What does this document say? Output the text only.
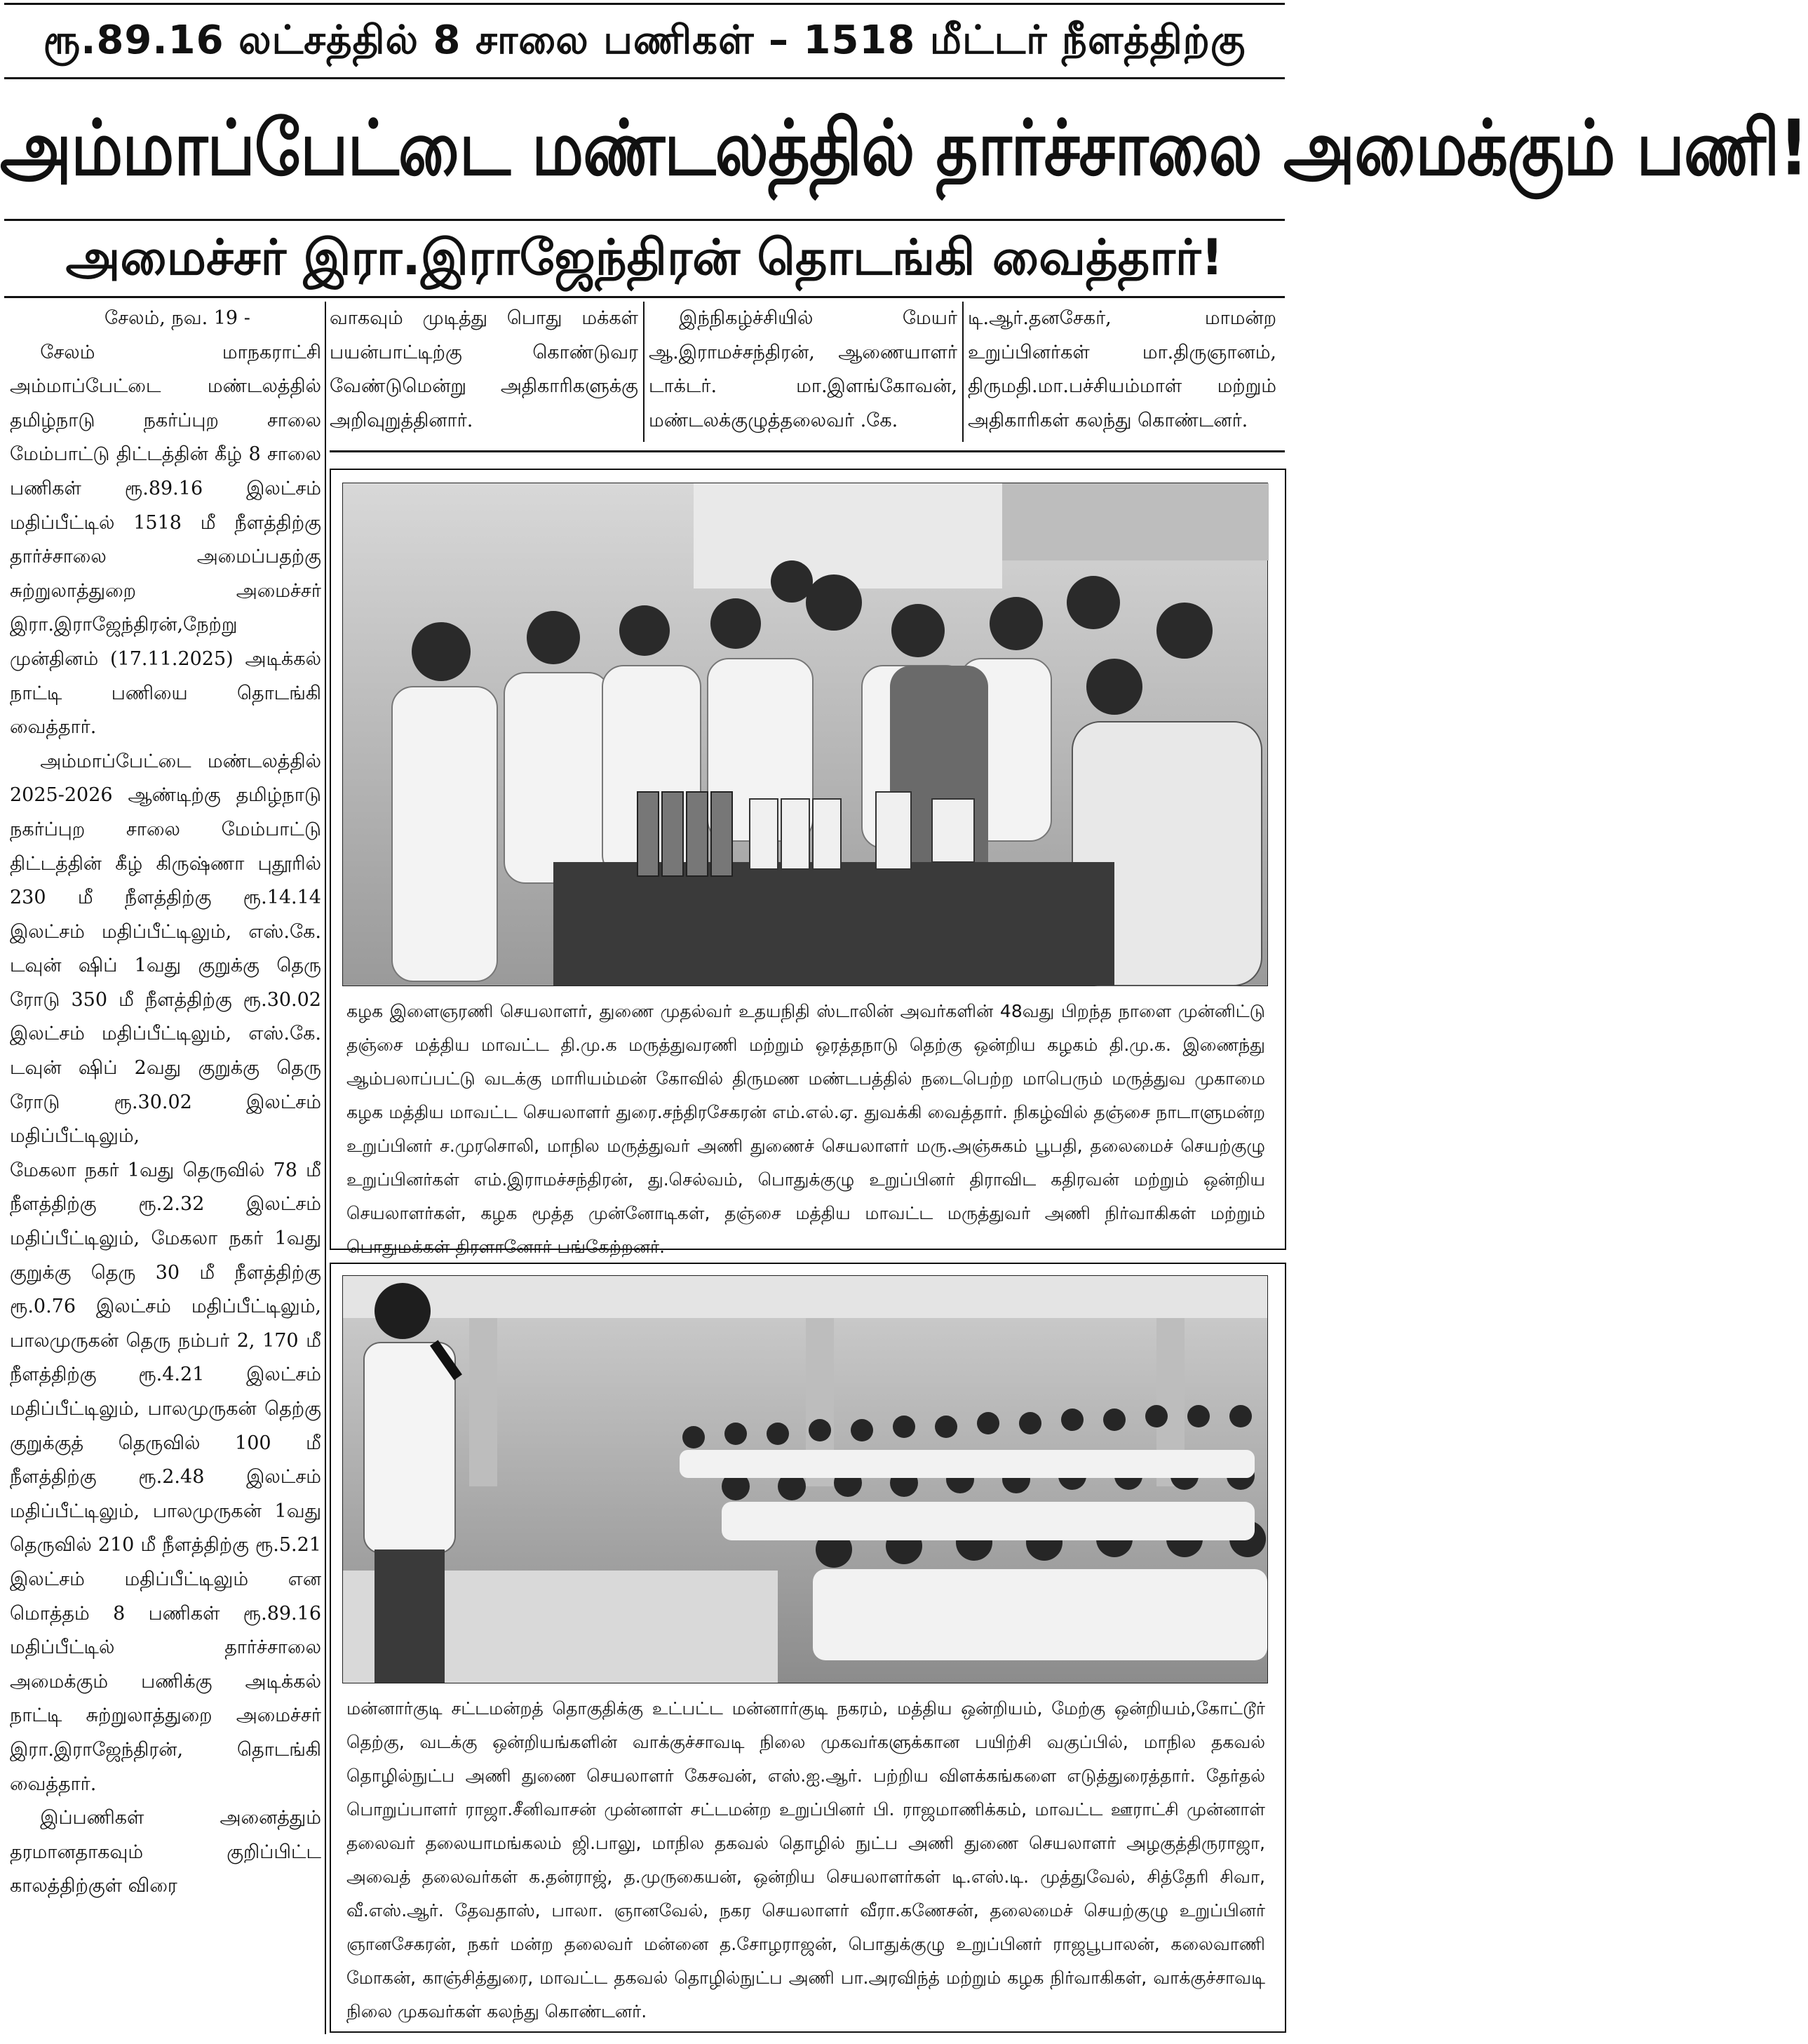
ரூ.89.16 லட்சத்தில் 8 சாலை பணிகள் – 1518 மீட்டர் நீளத்திற்கு
அம்மாப்பேட்டை மண்டலத்தில் தார்ச்சாலை அமைக்கும் பணி!
அமைச்சர் இரா.இராஜேந்திரன் தொடங்கி வைத்தார்!

சேலம், நவ. 19 -

சேலம் மாநகராட்சி அம்மாப்பேட்டை மண்டலத்தில் தமிழ்நாடு நகர்ப்புற சாலை மேம்பாட்டு திட்டத்தின் கீழ் 8 சாலை பணிகள் ரூ.89.16 இலட்சம் மதிப்பீட்டில் 1518 மீ நீளத்திற்கு தார்ச்சாலை அமைப்பதற்கு சுற்றுலாத்துறை அமைச்சர் இரா.இராஜேந்திரன்,நேற்று முன்தினம் (17.11.2025) அடிக்கல் நாட்டி பணியை தொடங்கி வைத்தார்.

அம்மாப்பேட்டை மண்டலத்தில் 2025-2026 ஆண்டிற்கு தமிழ்நாடு நகர்ப்புற சாலை மேம்பாட்டு திட்டத்தின் கீழ் கிருஷ்ணா புதூரில் 230 மீ நீளத்திற்கு ரூ.14.14 இலட்சம் மதிப்பீட்டிலும், எஸ்.கே. டவுன் ஷிப் 1வது குறுக்கு தெரு ரோடு 350 மீ நீளத்திற்கு ரூ.30.02 இலட்சம் மதிப்பீட்டிலும், எஸ்.கே. டவுன் ஷிப் 2வது குறுக்கு தெரு ரோடு ரூ.30.02 இலட்சம் மதிப்பீட்டிலும்,

மேகலா நகர் 1வது தெருவில் 78 மீ நீளத்திற்கு ரூ.2.32 இலட்சம் மதிப்பீட்டிலும், மேகலா நகர் 1வது குறுக்கு தெரு 30 மீ நீளத்திற்கு ரூ.0.76 இலட்சம் மதிப்பீட்டிலும், பாலமுருகன் தெரு நம்பர் 2, 170 மீ நீளத்திற்கு ரூ.4.21 இலட்சம் மதிப்பீட்டிலும், பாலமுருகன் தெற்கு குறுக்குத் தெருவில் 100 மீ நீளத்திற்கு ரூ.2.48 இலட்சம் மதிப்பீட்டிலும், பாலமுருகன் 1வது தெருவில் 210 மீ நீளத்திற்கு ரூ.5.21 இலட்சம் மதிப்பீட்டிலும் என மொத்தம் 8 பணிகள் ரூ.89.16 மதிப்பீட்டில் தார்ச்சாலை அமைக்கும் பணிக்கு அடிக்கல் நாட்டி சுற்றுலாத்துறை அமைச்சர் இரா.இராஜேந்திரன், தொடங்கி வைத்தார்.

இப்பணிகள் அனைத்தும் தரமானதாகவும் குறிப்பிட்ட காலத்திற்குள் விரை

வாகவும் முடித்து பொது மக்கள் பயன்பாட்டிற்கு கொண்டுவர வேண்டுமென்று அதிகாரிகளுக்கு அறிவுறுத்தினார்.

இந்நிகழ்ச்சியில் மேயர் ஆ.இராமச்சந்திரன், ஆணையாளர் டாக்டர். மா.இளங்கோவன், மண்டலக்குழுத்தலைவர் .கே.

டி.ஆர்.தனசேகர், மாமன்ற உறுப்பினர்கள் மா.திருஞானம், திருமதி.மா.பச்சியம்மாள் மற்றும் அதிகாரிகள் கலந்து கொண்டனர்.

கழக இளைஞரணி செயலாளர், துணை முதல்வர் உதயநிதி ஸ்டாலின் அவர்களின் 48வது பிறந்த நாளை முன்னிட்டு தஞ்சை மத்திய மாவட்ட தி.மு.க மருத்துவரணி மற்றும் ஒரத்தநாடு தெற்கு ஒன்றிய கழகம் தி.மு.க. இணைந்து ஆம்பலாப்பட்டு வடக்கு மாரியம்மன் கோவில் திருமண மண்டபத்தில் நடைபெற்ற மாபெரும் மருத்துவ முகாமை கழக மத்திய மாவட்ட செயலாளர் துரை.சந்திரசேகரன் எம்.எல்.ஏ. துவக்கி வைத்தார். நிகழ்வில் தஞ்சை நாடாளுமன்ற உறுப்பினர் ச.முரசொலி, மாநில மருத்துவர் அணி துணைச் செயலாளர் மரு.அஞ்சுகம் பூபதி, தலைமைச் செயற்குழு உறுப்பினர்கள் எம்.இராமச்சந்திரன், து.செல்வம், பொதுக்குழு உறுப்பினர் திராவிட கதிரவன் மற்றும் ஒன்றிய செயலாளர்கள், கழக மூத்த முன்னோடிகள், தஞ்சை மத்திய மாவட்ட மருத்துவர் அணி நிர்வாகிகள் மற்றும் பொதுமக்கள் திரளானோர் பங்கேற்றனர்.
மன்னார்குடி சட்டமன்றத் தொகுதிக்கு உட்பட்ட மன்னார்குடி நகரம், மத்திய ஒன்றியம், மேற்கு ஒன்றியம்,கோட்டூர் தெற்கு, வடக்கு ஒன்றியங்களின் வாக்குச்சாவடி நிலை முகவர்களுக்கான பயிற்சி வகுப்பில், மாநில தகவல் தொழில்நுட்ப அணி துணை செயலாளர் கேசவன், எஸ்.ஐ.ஆர். பற்றிய விளக்கங்களை எடுத்துரைத்தார். தேர்தல் பொறுப்பாளர் ராஜா.சீனிவாசன் முன்னாள் சட்டமன்ற உறுப்பினர் பி. ராஜமாணிக்கம், மாவட்ட ஊராட்சி முன்னாள் தலைவர் தலையாமங்கலம் ஜி.பாலு, மாநில தகவல் தொழில் நுட்ப அணி துணை செயலாளர் அழகுத்திருராஜா, அவைத் தலைவர்கள் க.தன்ராஜ், த.முருகையன், ஒன்றிய செயலாளர்கள் டி.எஸ்.டி. முத்துவேல், சித்தேரி சிவா, வீ.எஸ்.ஆர். தேவதாஸ், பாலா. ஞானவேல், நகர செயலாளர் வீரா.கணேசன், தலைமைச் செயற்குழு உறுப்பினர் ஞானசேகரன், நகர் மன்ற தலைவர் மன்னை த.சோழராஜன், பொதுக்குழு உறுப்பினர் ராஜபூபாலன், கலைவாணி மோகன், காஞ்சித்துரை, மாவட்ட தகவல் தொழில்நுட்ப அணி பா.அரவிந்த் மற்றும் கழக நிர்வாகிகள், வாக்குச்சாவடி நிலை முகவர்கள் கலந்து கொண்டனர்.
